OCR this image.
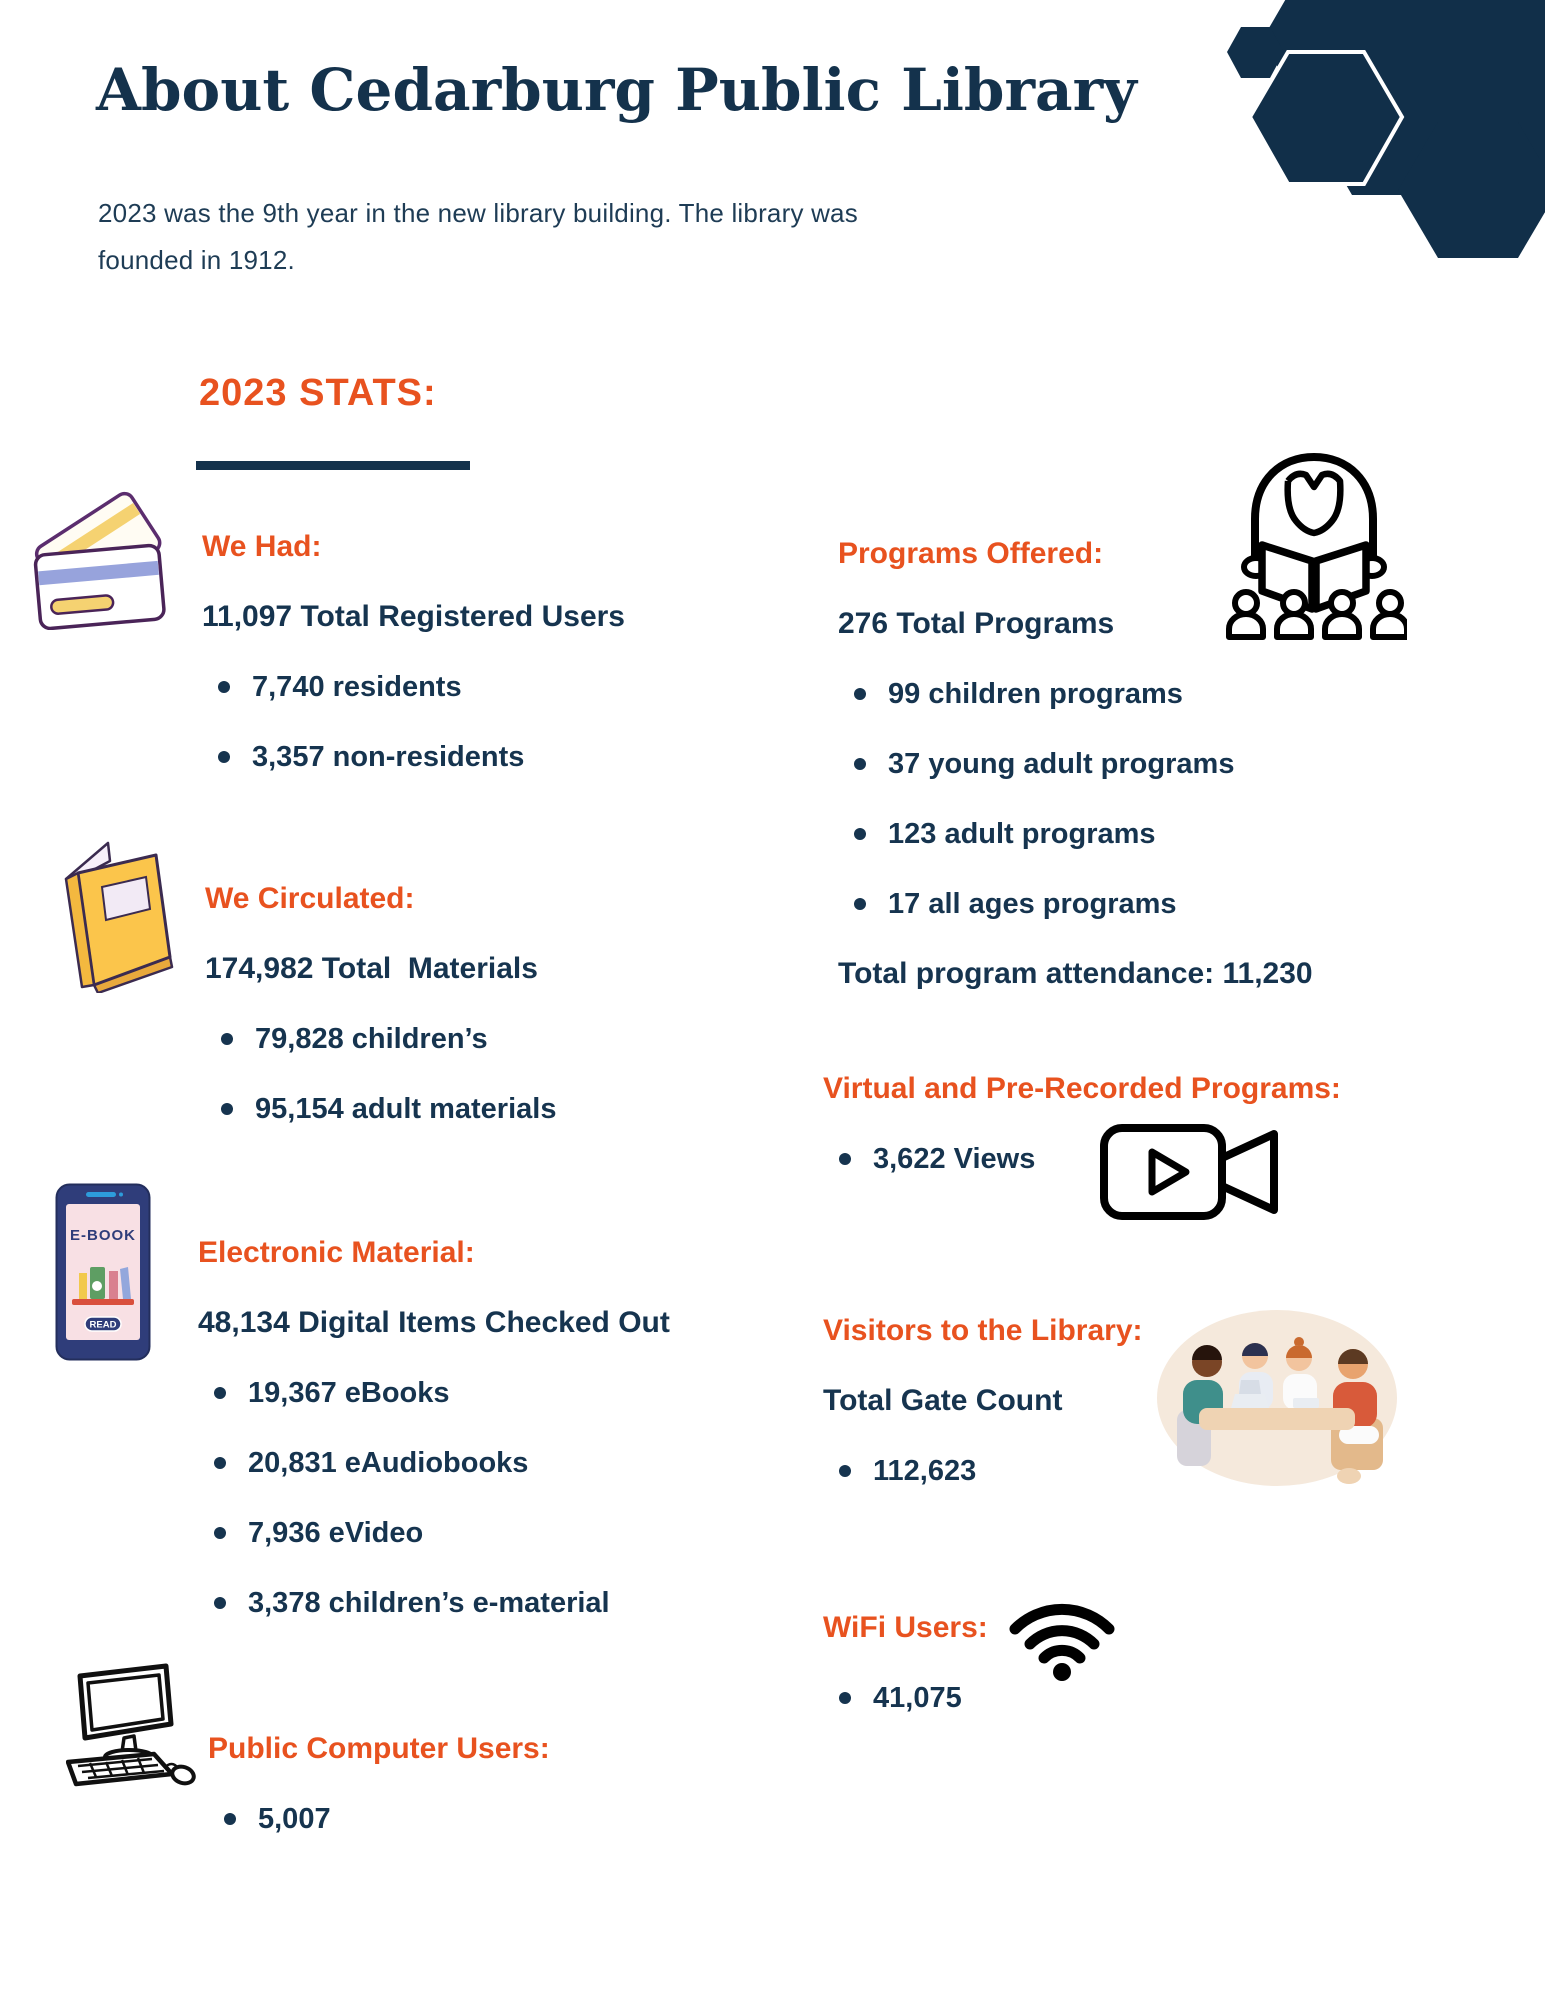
About Cedarburg Public Library

2023 was the 9th year in the new library building. The library was
founded in 1912.

2023 STATS:
We Had:

11,097 Total Registered Users

7,740 residents
3,357 non-residents
We Circulated:

174,982 Total  Materials

79,828 children’s
95,154 adult materials
E-BOOK
READ
Electronic Material:

48,134 Digital Items Checked Out

19,367 eBooks
20,831 eAudiobooks
7,936 eVideo
3,378 children’s e-material
Public Computer Users:
5,007
Programs Offered:

276 Total Programs

99 children programs
37 young adult programs
123 adult programs
17 all ages programs

Total program attendance: 11,230

Virtual and Pre-Recorded Programs:
3,622 Views
Visitors to the Library:

Total Gate Count

112,623
WiFi Users:
41,075
